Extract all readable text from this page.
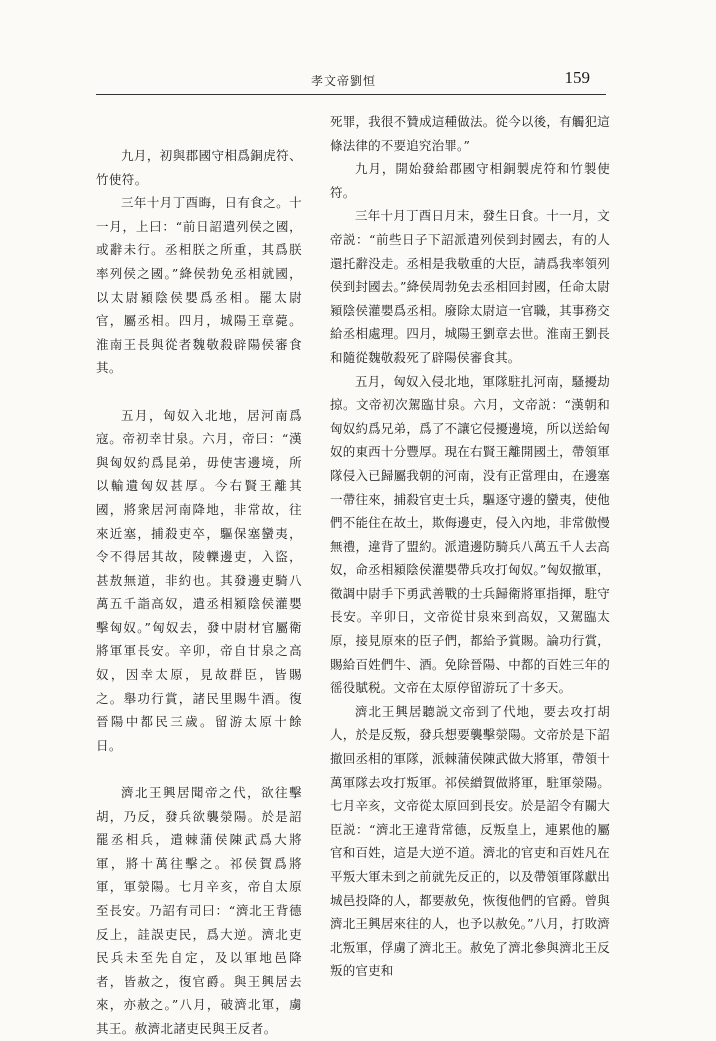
孝文帝劉恒	159

九月，初與郡國守相爲銅虎符、竹使符。

三年十月丁酉晦，日有食之。十一月，上曰：“前日詔遣列侯之國，或辭未行。丞相朕之所重，其爲朕率列侯之國。”絳侯勃免丞相就國，以太尉潁陰侯嬰爲丞相。罷太尉官，屬丞相。四月，城陽王章薨。淮南王長與從者魏敬殺辟陽侯審食其。

五月，匈奴入北地，居河南爲寇。帝初幸甘泉。六月，帝曰：“漢與匈奴約爲昆弟，毋使害邊境，所以輸遺匈奴甚厚。今右賢王離其國，將衆居河南降地，非常故，往來近塞，捕殺吏卒，驅保塞蠻夷，令不得居其故，陵轢邊吏，入盜，甚敖無道，非約也。其發邊吏騎八萬五千詣高奴，遣丞相潁陰侯灌嬰擊匈奴。”匈奴去，發中尉材官屬衛將軍軍長安。辛卯，帝自甘泉之高奴，因幸太原，見故群臣，皆賜之。舉功行賞，諸民里賜牛酒。復晉陽中都民三歲。留游太原十餘日。

濟北王興居聞帝之代，欲往擊胡，乃反，發兵欲襲滎陽。於是詔罷丞相兵，遣棘蒲侯陳武爲大將軍，將十萬往擊之。祁侯賀爲將軍，軍滎陽。七月辛亥，帝自太原至長安。乃詔有司曰：“濟北王背德反上，詿誤吏民，爲大逆。濟北吏民兵未至先自定，及以軍地邑降者，皆赦之，復官爵。與王興居去來，亦赦之。”八月，破濟北軍，虜其王。赦濟北諸吏民與王反者。

死罪，我很不贊成這種做法。從今以後，有觸犯這條法律的不要追究治罪。”

九月，開始發給郡國守相銅製虎符和竹製使符。

三年十月丁酉日月末，發生日食。十一月，文帝説：“前些日子下詔派遣列侯到封國去，有的人還托辭没走。丞相是我敬重的大臣，請爲我率領列侯到封國去。”絳侯周勃免去丞相回封國，任命太尉潁陰侯灌嬰爲丞相。廢除太尉這一官職，其事務交給丞相處理。四月，城陽王劉章去世。淮南王劉長和隨從魏敬殺死了辟陽侯審食其。

五月，匈奴入侵北地，軍隊駐扎河南，騷擾劫掠。文帝初次駕臨甘泉。六月，文帝説：“漢朝和匈奴約爲兄弟，爲了不讓它侵擾邊境，所以送給匈奴的東西十分豐厚。現在右賢王離開國土，帶領軍隊侵入已歸屬我朝的河南，没有正當理由，在邊塞一帶往來，捕殺官吏士兵，驅逐守邊的蠻夷，使他們不能住在故土，欺侮邊吏，侵入內地，非常傲慢無禮，違背了盟約。派遣邊防騎兵八萬五千人去高奴，命丞相潁陰侯灌嬰帶兵攻打匈奴。”匈奴撤軍，徵調中尉手下勇武善戰的士兵歸衛將軍指揮，駐守長安。辛卯日，文帝從甘泉來到高奴，又駕臨太原，接見原來的臣子們，都給予賞賜。論功行賞，賜給百姓們牛、酒。免除晉陽、中都的百姓三年的徭役賦税。文帝在太原停留游玩了十多天。

濟北王興居聽説文帝到了代地，要去攻打胡人，於是反叛，發兵想要襲擊滎陽。文帝於是下詔撤回丞相的軍隊，派棘蒲侯陳武做大將軍，帶領十萬軍隊去攻打叛軍。祁侯繒賀做將軍，駐軍滎陽。七月辛亥，文帝從太原回到長安。於是詔令有關大臣説：“濟北王違背常德，反叛皇上，連累他的屬官和百姓，這是大逆不道。濟北的官吏和百姓凡在平叛大軍未到之前就先反正的，以及帶領軍隊獻出城邑投降的人，都要赦免，恢復他們的官爵。曾與濟北王興居來往的人，也予以赦免。”八月，打敗濟北叛軍，俘虜了濟北王。赦免了濟北參與濟北王反叛的官吏和
